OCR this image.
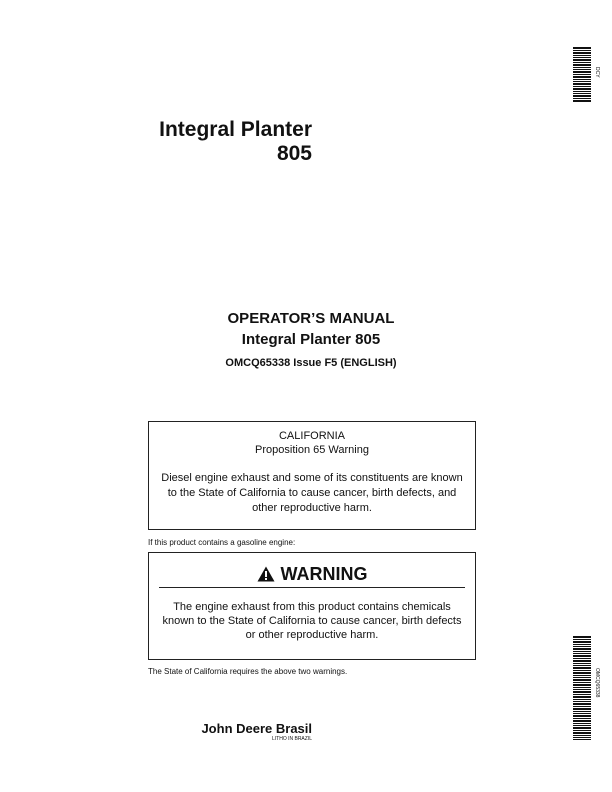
Integral Planter
805
OPERATOR’S MANUAL
Integral Planter 805
OMCQ65338 Issue F5 (ENGLISH)
CALIFORNIA
Proposition 65 Warning
Diesel engine exhaust and some of its constituents are known to the State of California to cause cancer, birth defects, and other reproductive harm.
If this product contains a gasoline engine:
WARNING
The engine exhaust from this product contains chemicals known to the State of California to cause cancer, birth defects or other reproductive harm.
The State of California requires the above two warnings.
John Deere Brasil
LITHO IN BRAZIL
DCY
OMCQ65338
